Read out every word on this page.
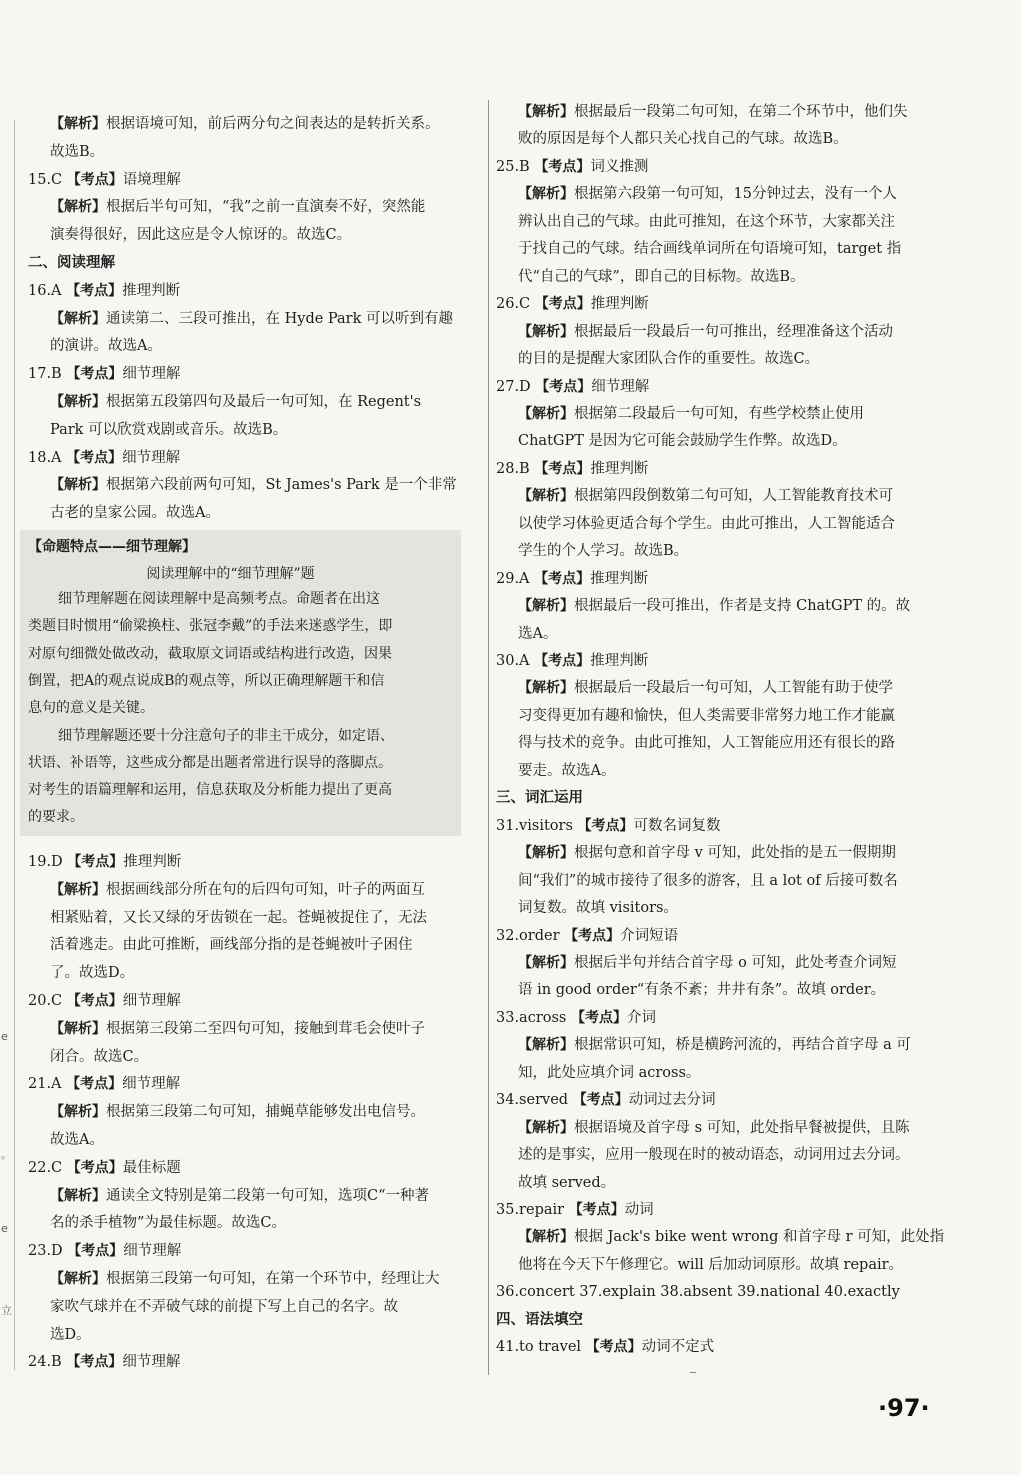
【命题特点——细节理解】
阅读理解中的“细节理解”题
【解析】根据语境可知，前后两分句之间表达的是转折关系。
故选B。
15.C 【考点】语境理解
【解析】根据后半句可知，“我”之前一直演奏不好，突然能
演奏得很好，因此这应是令人惊讶的。故选C。
二、阅读理解
16.A 【考点】推理判断
【解析】通读第二、三段可推出，在 Hyde Park 可以听到有趣
的演讲。故选A。
17.B 【考点】细节理解
【解析】根据第五段第四句及最后一句可知，在 Regent's
Park 可以欣赏戏剧或音乐。故选B。
18.A 【考点】细节理解
【解析】根据第六段前两句可知，St James's Park 是一个非常
古老的皇家公园。故选A。
细节理解题在阅读理解中是高频考点。命题者在出这
类题目时惯用“偷梁换柱、张冠李戴”的手法来迷惑学生，即
对原句细微处做改动，截取原文词语或结构进行改造，因果
倒置，把A的观点说成B的观点等，所以正确理解题干和信
息句的意义是关键。
细节理解题还要十分注意句子的非主干成分，如定语、
状语、补语等，这些成分都是出题者常进行误导的落脚点。
对考生的语篇理解和运用，信息获取及分析能力提出了更高
的要求。
19.D 【考点】推理判断
【解析】根据画线部分所在句的后四句可知，叶子的两面互
相紧贴着，又长又绿的牙齿锁在一起。苍蝇被捉住了，无法
活着逃走。由此可推断，画线部分指的是苍蝇被叶子困住
了。故选D。
20.C 【考点】细节理解
【解析】根据第三段第二至四句可知，接触到茸毛会使叶子
闭合。故选C。
21.A 【考点】细节理解
【解析】根据第三段第二句可知，捕蝇草能够发出电信号。
故选A。
22.C 【考点】最佳标题
【解析】通读全文特别是第二段第一句可知，选项C“一种著
名的杀手植物”为最佳标题。故选C。
23.D 【考点】细节理解
【解析】根据第三段第一句可知，在第一个环节中，经理让大
家吹气球并在不弄破气球的前提下写上自己的名字。故
选D。
24.B 【考点】细节理解
【解析】根据最后一段第二句可知，在第二个环节中，他们失
败的原因是每个人都只关心找自己的气球。故选B。
25.B 【考点】词义推测
【解析】根据第六段第一句可知，15分钟过去，没有一个人
辨认出自己的气球。由此可推知，在这个环节，大家都关注
于找自己的气球。结合画线单词所在句语境可知，target 指
代“自己的气球”，即自己的目标物。故选B。
26.C 【考点】推理判断
【解析】根据最后一段最后一句可推出，经理准备这个活动
的目的是提醒大家团队合作的重要性。故选C。
27.D 【考点】细节理解
【解析】根据第二段最后一句可知，有些学校禁止使用
ChatGPT 是因为它可能会鼓励学生作弊。故选D。
28.B 【考点】推理判断
【解析】根据第四段倒数第二句可知，人工智能教育技术可
以使学习体验更适合每个学生。由此可推出，人工智能适合
学生的个人学习。故选B。
29.A 【考点】推理判断
【解析】根据最后一段可推出，作者是支持 ChatGPT 的。故
选A。
30.A 【考点】推理判断
【解析】根据最后一段最后一句可知，人工智能有助于使学
习变得更加有趣和愉快，但人类需要非常努力地工作才能赢
得与技术的竞争。由此可推知，人工智能应用还有很长的路
要走。故选A。
三、词汇运用
31.visitors 【考点】可数名词复数
【解析】根据句意和首字母 v 可知，此处指的是五一假期期
间“我们”的城市接待了很多的游客，且 a lot of 后接可数名
词复数。故填 visitors。
32.order 【考点】介词短语
【解析】根据后半句并结合首字母 o 可知，此处考查介词短
语 in good order“有条不紊；井井有条”。故填 order。
33.across 【考点】介词
【解析】根据常识可知，桥是横跨河流的，再结合首字母 a 可
知，此处应填介词 across。
34.served 【考点】动词过去分词
【解析】根据语境及首字母 s 可知，此处指早餐被提供，且陈
述的是事实，应用一般现在时的被动语态，动词用过去分词。
故填 served。
35.repair 【考点】动词
【解析】根据 Jack's bike went wrong 和首字母 r 可知，此处指
他将在今天下午修理它。will 后加动词原形。故填 repair。
36.concert 37.explain 38.absent 39.national 40.exactly
四、语法填空
41.to travel 【考点】动词不定式
e
。
e
立
·97·
